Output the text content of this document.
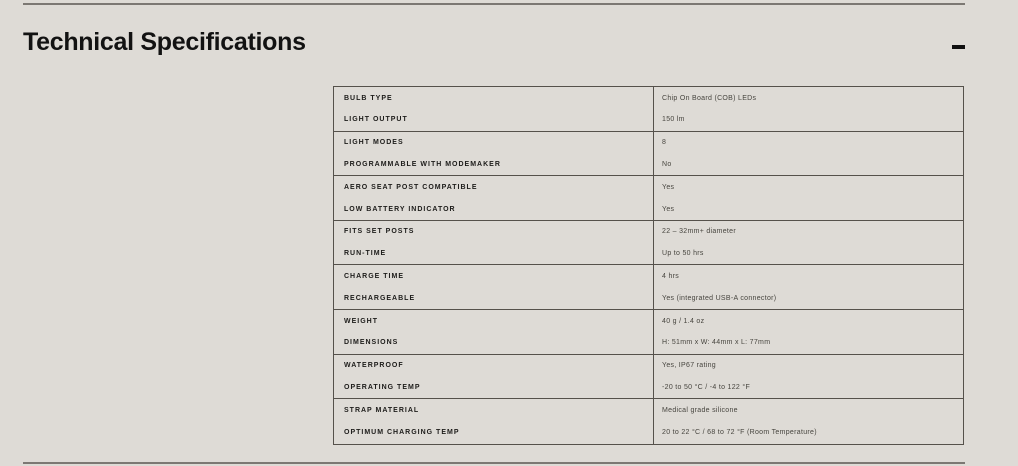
Technical Specifications
BULB TYPE	Chip On Board (COB) LEDs
LIGHT OUTPUT	150 lm
LIGHT MODES	8
PROGRAMMABLE WITH MODEMAKER	No
AERO SEAT POST COMPATIBLE	Yes
LOW BATTERY INDICATOR	Yes
FITS SET POSTS	22 – 32mm+ diameter
RUN-TIME	Up to 50 hrs
CHARGE TIME	4 hrs
RECHARGEABLE	Yes (integrated USB-A connector)
WEIGHT	40 g / 1.4 oz
DIMENSIONS	H: 51mm x W: 44mm x L: 77mm
WATERPROOF	Yes, IP67 rating
OPERATING TEMP	-20 to 50 °C / -4 to 122 °F
STRAP MATERIAL	Medical grade silicone
OPTIMUM CHARGING TEMP	20 to 22 °C / 68 to 72 °F (Room Temperature)
